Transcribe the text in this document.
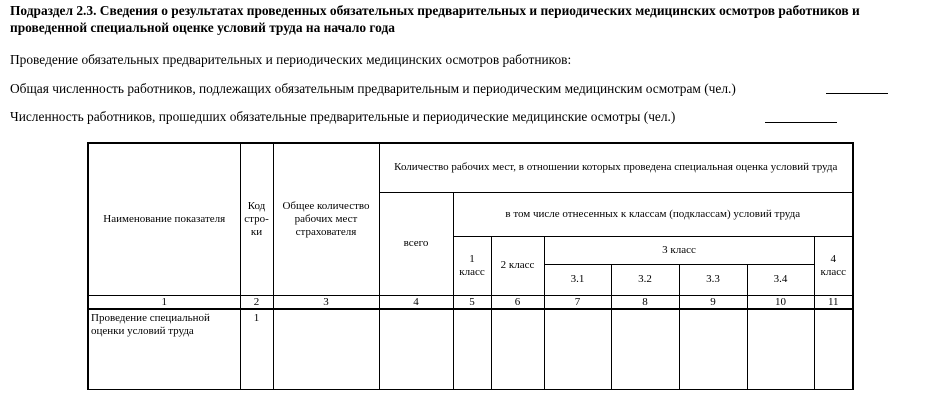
Подраздел 2.3. Сведения о результатах проведенных обязательных предварительных и периодических медицинских осмотров работников и проведенной специальной оценке условий труда на начало года
Проведение обязательных предварительных и периодических медицинских осмотров работников:
Общая численность работников, подлежащих обязательным предварительным и периодическим медицинским осмотрам (чел.)
Численность работников, прошедших обязательные предварительные и периодические медицинские осмотры (чел.)
Наименование показателя	Код стро-ки	Общее количество рабочих мест страхователя	Количество рабочих мест, в отношении которых проведена специальная оценка условий труда							
			всего	в том числе отнесенных к классам (подклассам) условий труда						
				1 класс	2 класс	3 класс				4 класс
						3.1	3.2	3.3	3.4	
1	2	3	4	5	6	7	8	9	10	11
Проведение специальной оценки условий труда	1									
